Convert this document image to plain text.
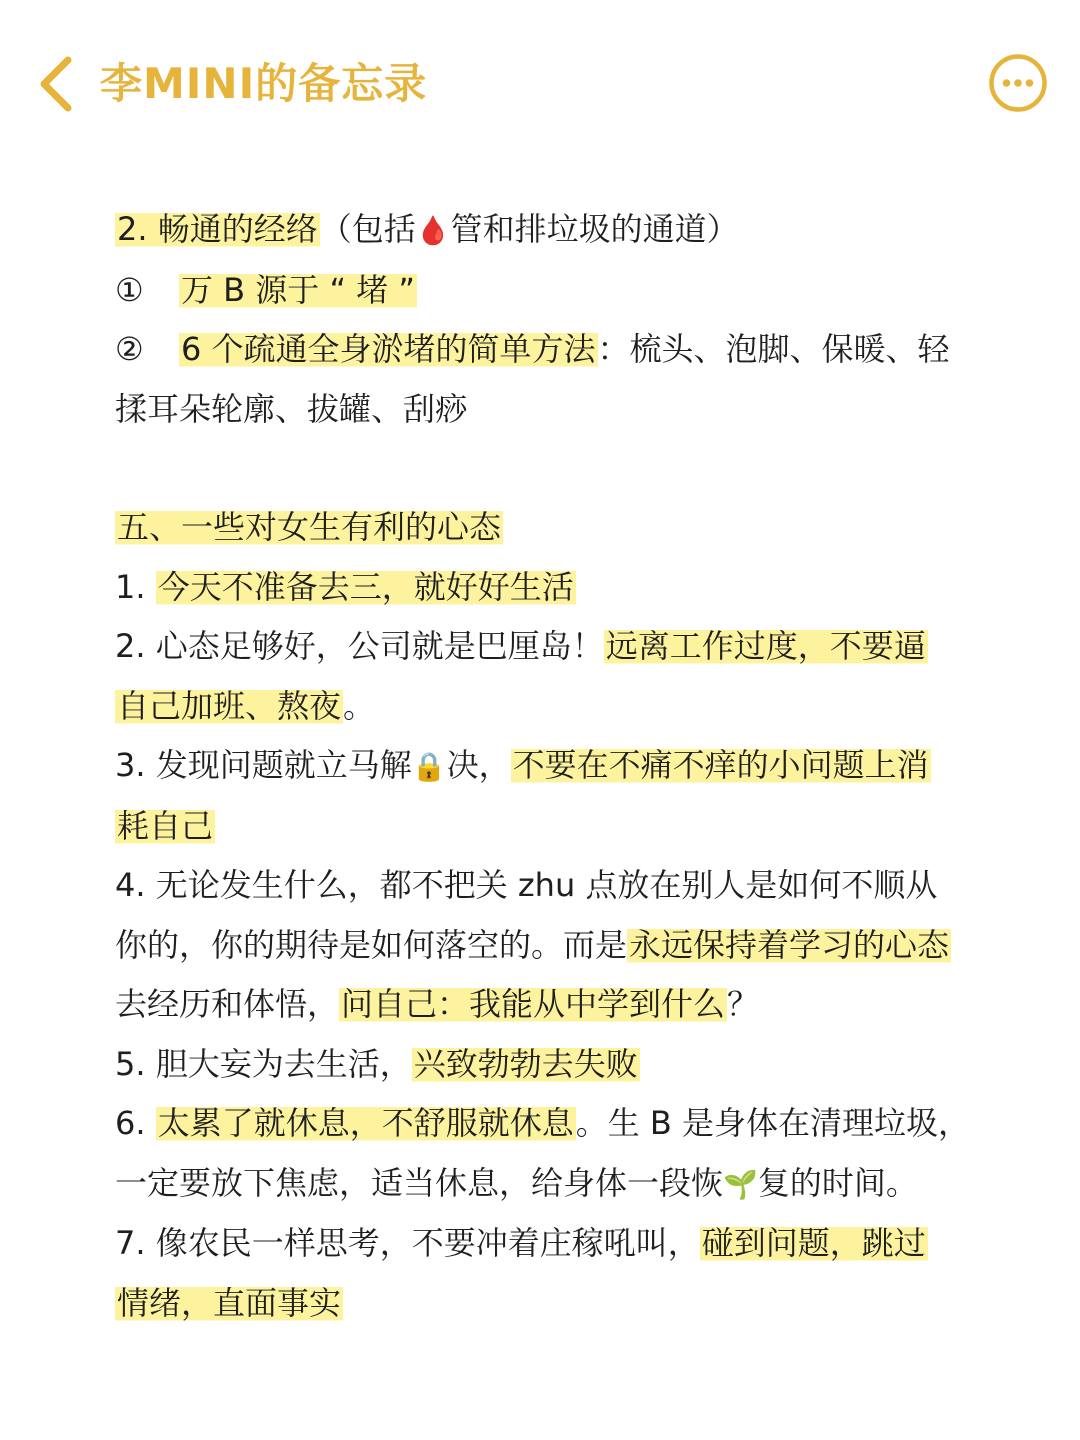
李MINI的备忘录
2. 畅通的经络（包括🩸管和排垃圾的通道）
① 万 B 源于 “ 堵 ”
② 6 个疏通全身淤堵的简单方法：梳头、泡脚、保暖、轻
揉耳朵轮廓、拔罐、刮痧
五、一些对女生有利的心态
1. 今天不准备去三，就好好生活
2. 心态足够好，公司就是巴厘岛！远离工作过度，不要逼
自己加班、熬夜。
3. 发现问题就立马解🔒决，不要在不痛不痒的小问题上消
耗自己
4. 无论发生什么，都不把关 zhu 点放在别人是如何不顺从
你的，你的期待是如何落空的。而是永远保持着学习的心态
去经历和体悟，问自己：我能从中学到什么？
5. 胆大妄为去生活，兴致勃勃去失败
6. 太累了就休息，不舒服就休息。生 B 是身体在清理垃圾，
一定要放下焦虑，适当休息，给身体一段恢🌱复的时间。
7. 像农民一样思考，不要冲着庄稼吼叫，碰到问题，跳过
情绪，直面事实
